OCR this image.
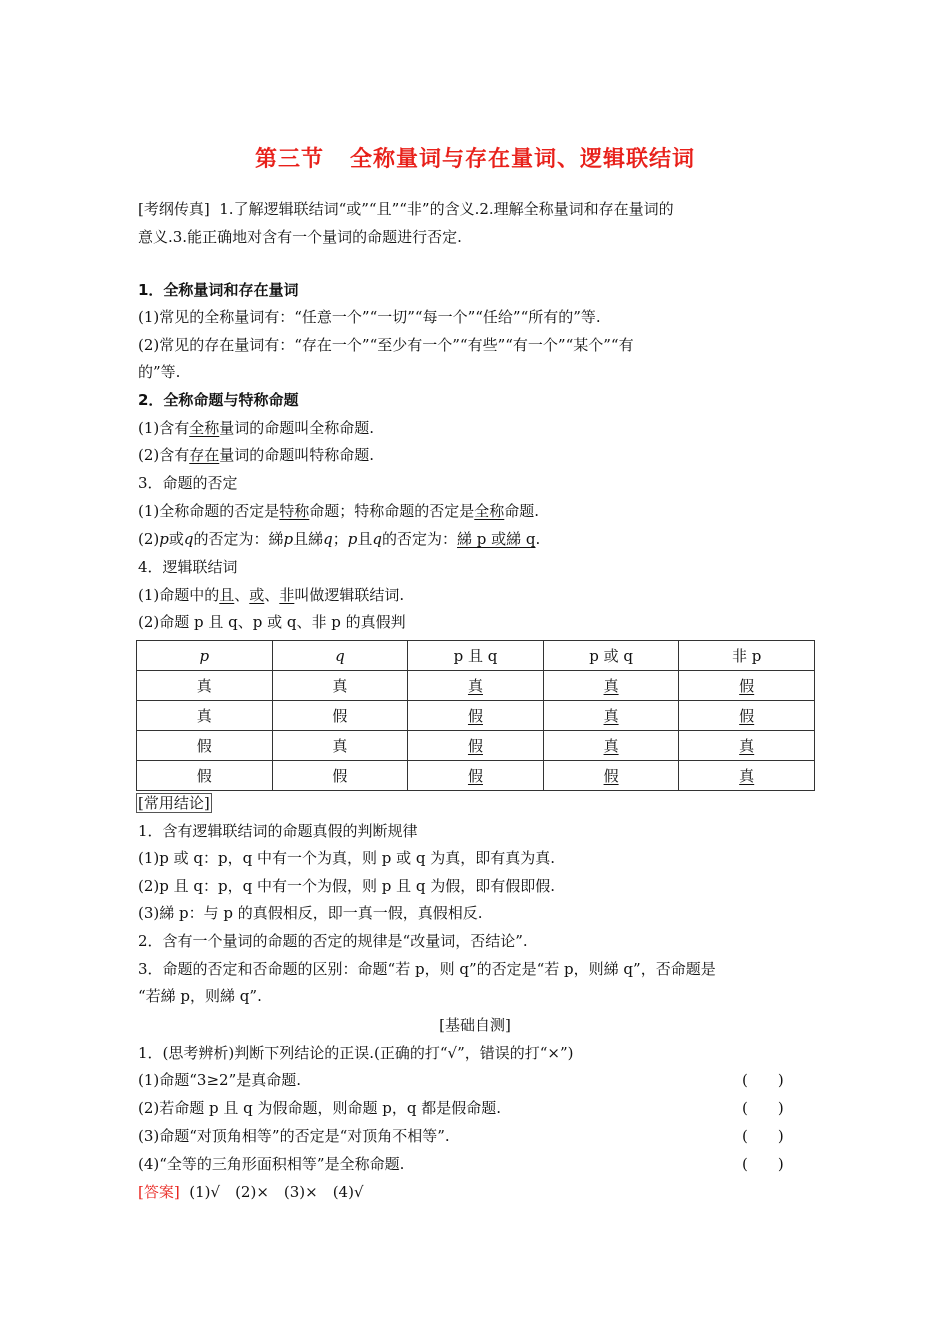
第三节 全称量词与存在量词、逻辑联结词
[考纲传真] 1.了解逻辑联结词“或”“且”“非”的含义.2.理解全称量词和存在量词的
意义.3.能正确地对含有一个量词的命题进行否定.
1．全称量词和存在量词
(1)常见的全称量词有：“任意一个”“一切”“每一个”“任给”“所有的”等.
(2)常见的存在量词有：“存在一个”“至少有一个”“有些”“有一个”“某个”“有
的”等.
2．全称命题与特称命题
(1)含有全称量词的命题叫全称命题.
(2)含有存在量词的命题叫特称命题.
3．命题的否定
(1)全称命题的否定是特称命题；特称命题的否定是全称命题.
(2)p或q的否定为：綈p且綈q；p且q的否定为：綈 p 或綈 q.
4．逻辑联结词
(1)命题中的且、或、非叫做逻辑联结词.
(2)命题 p 且 q、p 或 q、非 p 的真假判
p	q	p 且 q	p 或 q	非 p
真	真	真	真	假
真	假	假	真	假
假	真	假	真	真
假	假	假	假	真
[常用结论]
1．含有逻辑联结词的命题真假的判断规律
(1)p 或 q：p，q 中有一个为真，则 p 或 q 为真，即有真为真.
(2)p 且 q：p，q 中有一个为假，则 p 且 q 为假，即有假即假.
(3)綈 p：与 p 的真假相反，即一真一假，真假相反.
2．含有一个量词的命题的否定的规律是“改量词，否结论”.
3．命题的否定和否命题的区别：命题“若 p，则 q”的否定是“若 p，则綈 q”，否命题是
“若綈 p，则綈 q”.
[基础自测]
1．(思考辨析)判断下列结论的正误.(正确的打“√”，错误的打“×”)
(1)命题“3≥2”是真命题.	(　　)
(2)若命题 p 且 q 为假命题，则命题 p，q 都是假命题.	(　　)
(3)命题“对顶角相等”的否定是“对顶角不相等”.	(　　)
(4)“全等的三角形面积相等”是全称命题.	(　　)
[答案] (1)√　(2)×　(3)×　(4)√
